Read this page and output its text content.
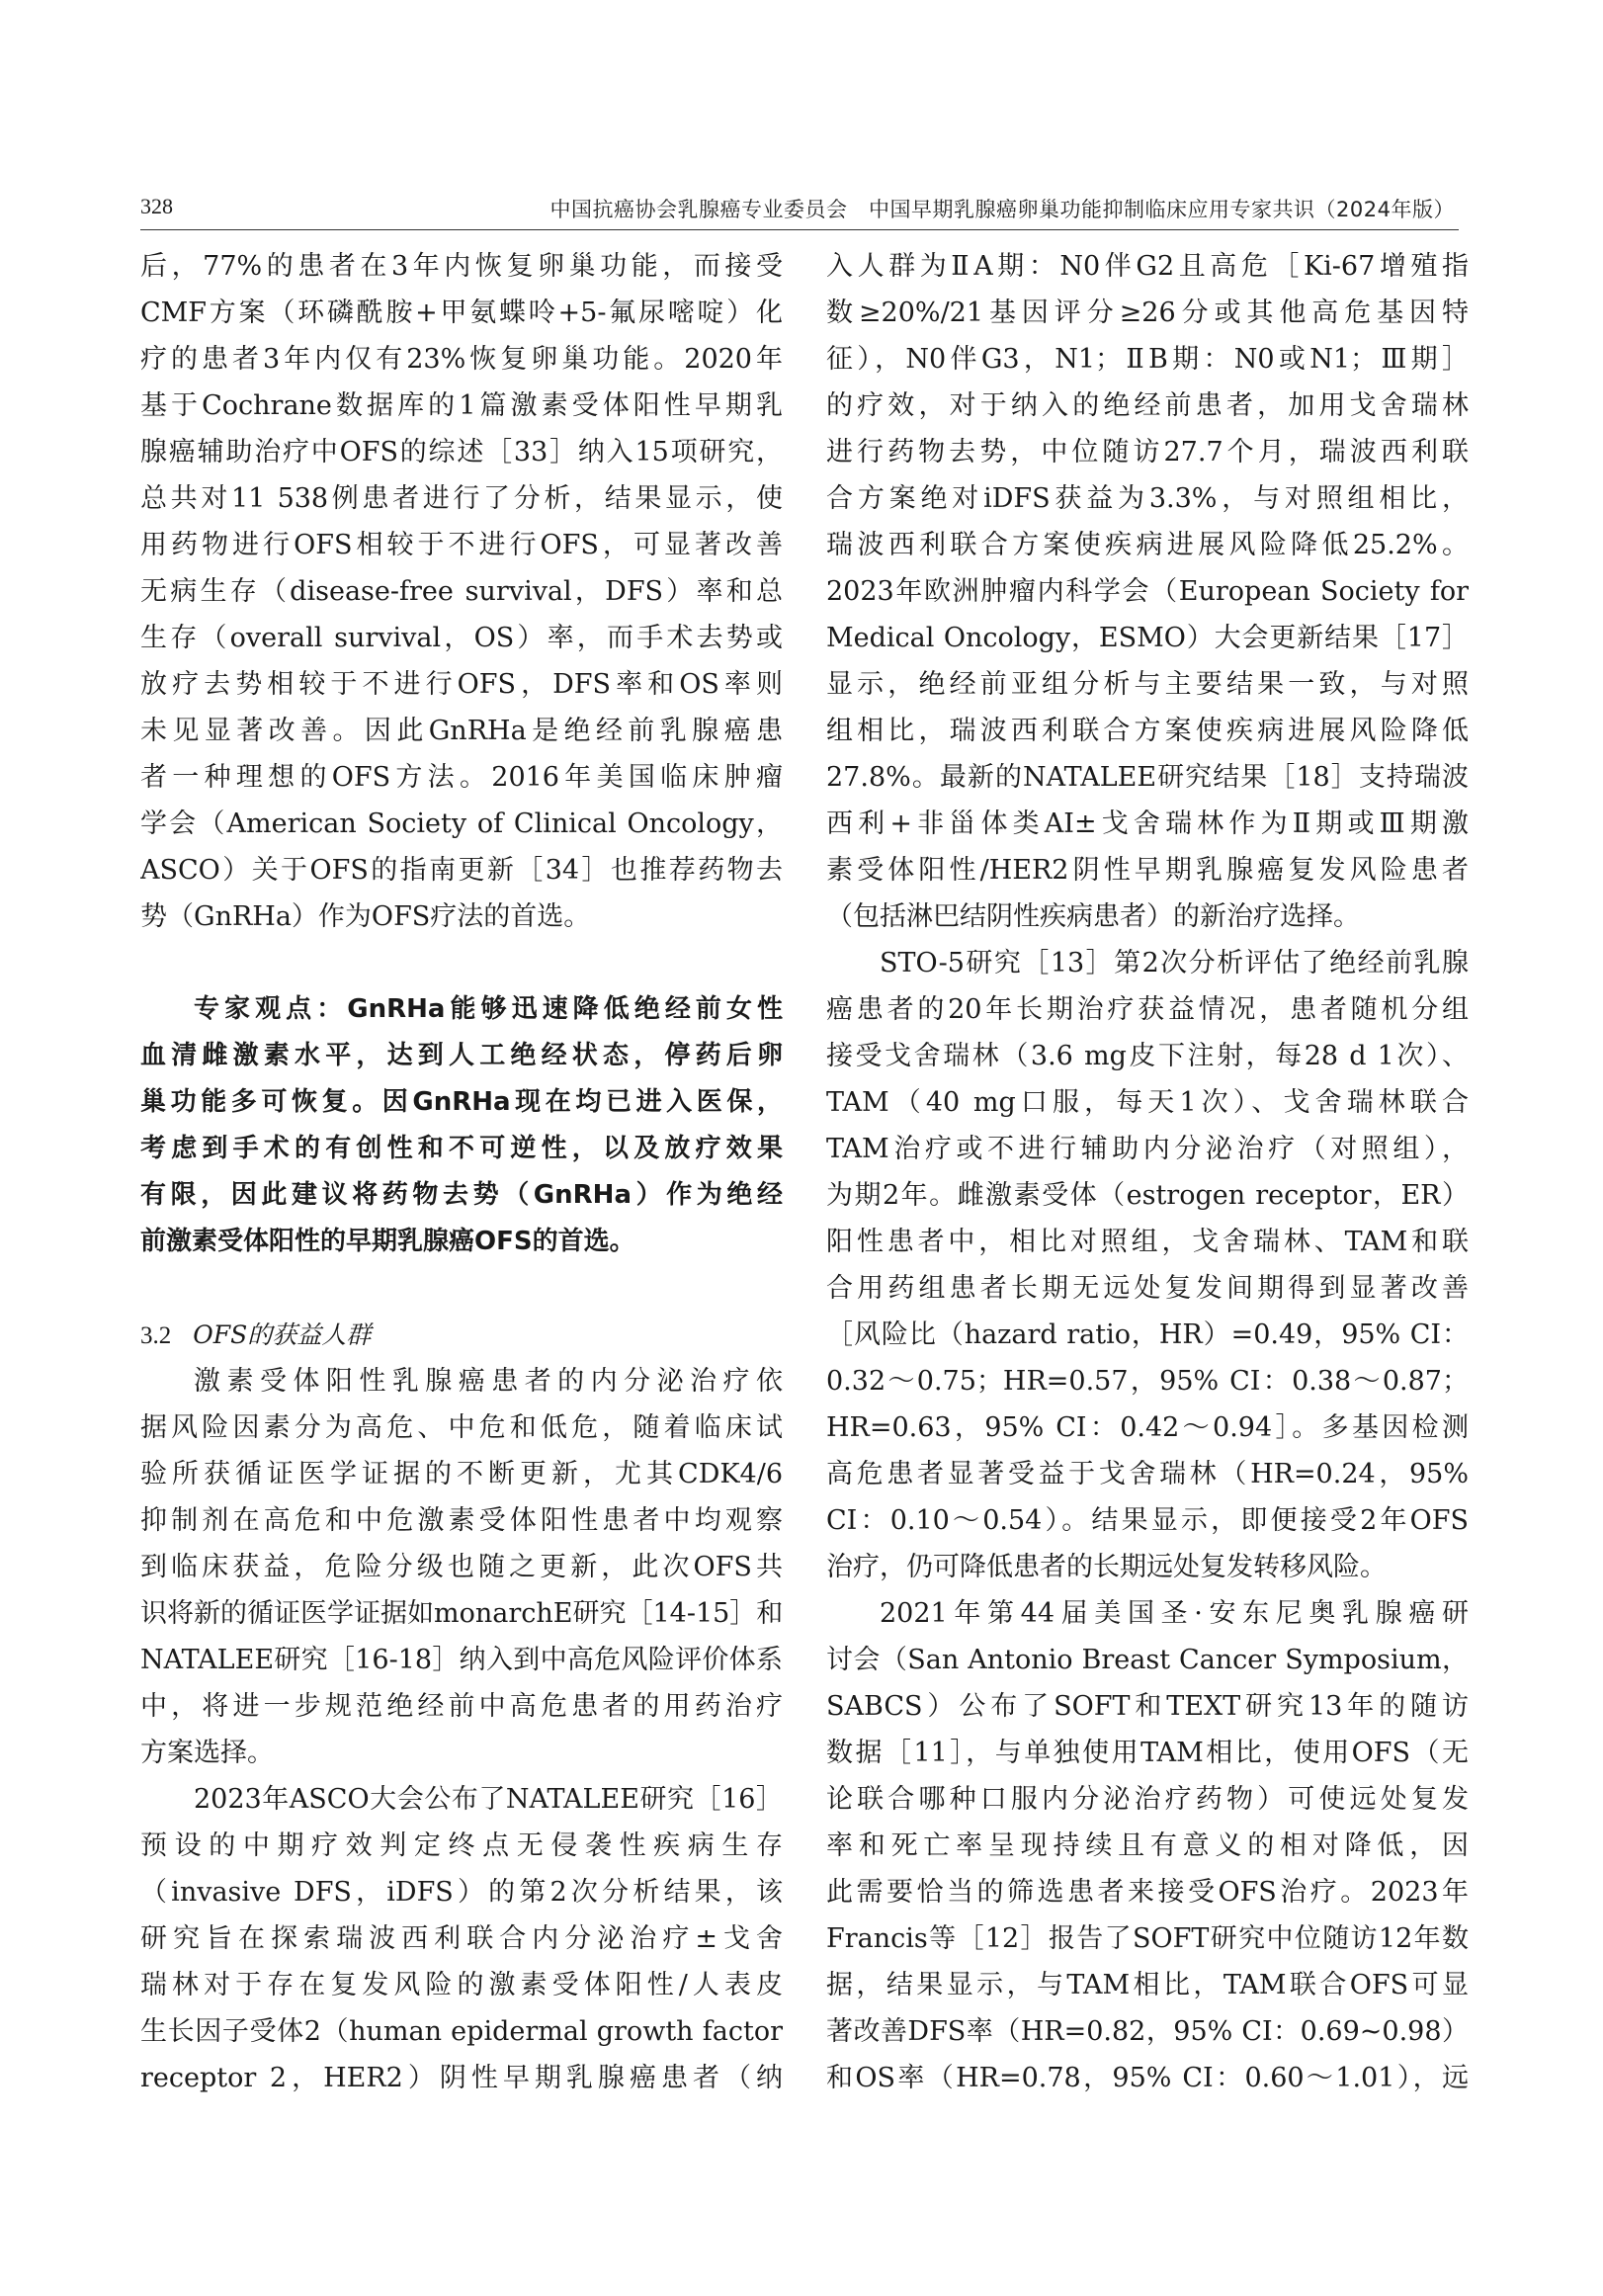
328	中国抗癌协会乳腺癌专业委员会　中国早期乳腺癌卵巢功能抑制临床应用专家共识（2024年版）
后，77%的患者在3年内恢复卵巢功能，而接受
CMF方案（环磷酰胺+甲氨蝶呤+5-氟尿嘧啶）化
疗的患者3年内仅有23%恢复卵巢功能。2020年
基于Cochrane数据库的1篇激素受体阳性早期乳
腺癌辅助治疗中OFS的综述［33］纳入15项研究，
总共对11 538例患者进行了分析，结果显示，使
用药物进行OFS相较于不进行OFS，可显著改善
无病生存（disease-free survival，DFS）率和总
生存（overall survival，OS）率，而手术去势或
放疗去势相较于不进行OFS，DFS率和OS率则
未见显著改善。因此GnRHa是绝经前乳腺癌患
者一种理想的OFS方法。2016年美国临床肿瘤
学会（American Society of Clinical Oncology，
ASCO）关于OFS的指南更新［34］也推荐药物去
势（GnRHa）作为OFS疗法的首选。
专家观点：GnRHa能够迅速降低绝经前女性
血清雌激素水平，达到人工绝经状态，停药后卵
巢功能多可恢复。因GnRHa现在均已进入医保，
考虑到手术的有创性和不可逆性，以及放疗效果
有限，因此建议将药物去势（GnRHa）作为绝经
前激素受体阳性的早期乳腺癌OFS的首选。
3.2 OFS的获益人群
激素受体阳性乳腺癌患者的内分泌治疗依
据风险因素分为高危、中危和低危，随着临床试
验所获循证医学证据的不断更新，尤其CDK4/6
抑制剂在高危和中危激素受体阳性患者中均观察
到临床获益，危险分级也随之更新，此次OFS共
识将新的循证医学证据如monarchE研究［14-15］和
NATALEE研究［16-18］纳入到中高危风险评价体系
中，将进一步规范绝经前中高危患者的用药治疗
方案选择。
2023年ASCO大会公布了NATALEE研究［16］
预设的中期疗效判定终点无侵袭性疾病生存
（invasive DFS，iDFS）的第2次分析结果，该
研究旨在探索瑞波西利联合内分泌治疗±戈舍
瑞林对于存在复发风险的激素受体阳性/人表皮
生长因子受体2（human epidermal growth factor
receptor 2，HER2）阴性早期乳腺癌患者（纳
入人群为ⅡA期：N0伴G2且高危［Ki-67增殖指
数≥20%/21基因评分≥26分或其他高危基因特
征），N0伴G3，N1；ⅡB期：N0或N1；Ⅲ期］
的疗效，对于纳入的绝经前患者，加用戈舍瑞林
进行药物去势，中位随访27.7个月，瑞波西利联
合方案绝对iDFS获益为3.3%，与对照组相比，
瑞波西利联合方案使疾病进展风险降低25.2%。
2023年欧洲肿瘤内科学会（European Society for
Medical Oncology，ESMO）大会更新结果［17］
显示，绝经前亚组分析与主要结果一致，与对照
组相比，瑞波西利联合方案使疾病进展风险降低
27.8%。最新的NATALEE研究结果［18］支持瑞波
西利+非甾体类AI±戈舍瑞林作为Ⅱ期或Ⅲ期激
素受体阳性/HER2阴性早期乳腺癌复发风险患者
（包括淋巴结阴性疾病患者）的新治疗选择。
STO-5研究［13］第2次分析评估了绝经前乳腺
癌患者的20年长期治疗获益情况，患者随机分组
接受戈舍瑞林（3.6 mg皮下注射，每28 d 1次）、
TAM（40 mg口服，每天1次）、戈舍瑞林联合
TAM治疗或不进行辅助内分泌治疗（对照组），
为期2年。雌激素受体（estrogen receptor，ER）
阳性患者中，相比对照组，戈舍瑞林、TAM和联
合用药组患者长期无远处复发间期得到显著改善
［风险比（hazard ratio，HR）=0.49，95% CI：
0.32～0.75；HR=0.57，95% CI：0.38～0.87；
HR=0.63，95% CI：0.42～0.94］。多基因检测
高危患者显著受益于戈舍瑞林（HR=0.24，95%
CI：0.10～0.54）。结果显示，即便接受2年OFS
治疗，仍可降低患者的长期远处复发转移风险。
2021年第44届美国圣·安东尼奥乳腺癌研
讨会（San Antonio Breast Cancer Symposium，
SABCS）公布了SOFT和TEXT研究13年的随访
数据［11］，与单独使用TAM相比，使用OFS（无
论联合哪种口服内分泌治疗药物）可使远处复发
率和死亡率呈现持续且有意义的相对降低，因
此需要恰当的筛选患者来接受OFS治疗。2023年
Francis等［12］报告了SOFT研究中位随访12年数
据，结果显示，与TAM相比，TAM联合OFS可显
著改善DFS率（HR=0.82，95% CI：0.69~0.98）
和OS率（HR=0.78，95% CI：0.60～1.01），远
